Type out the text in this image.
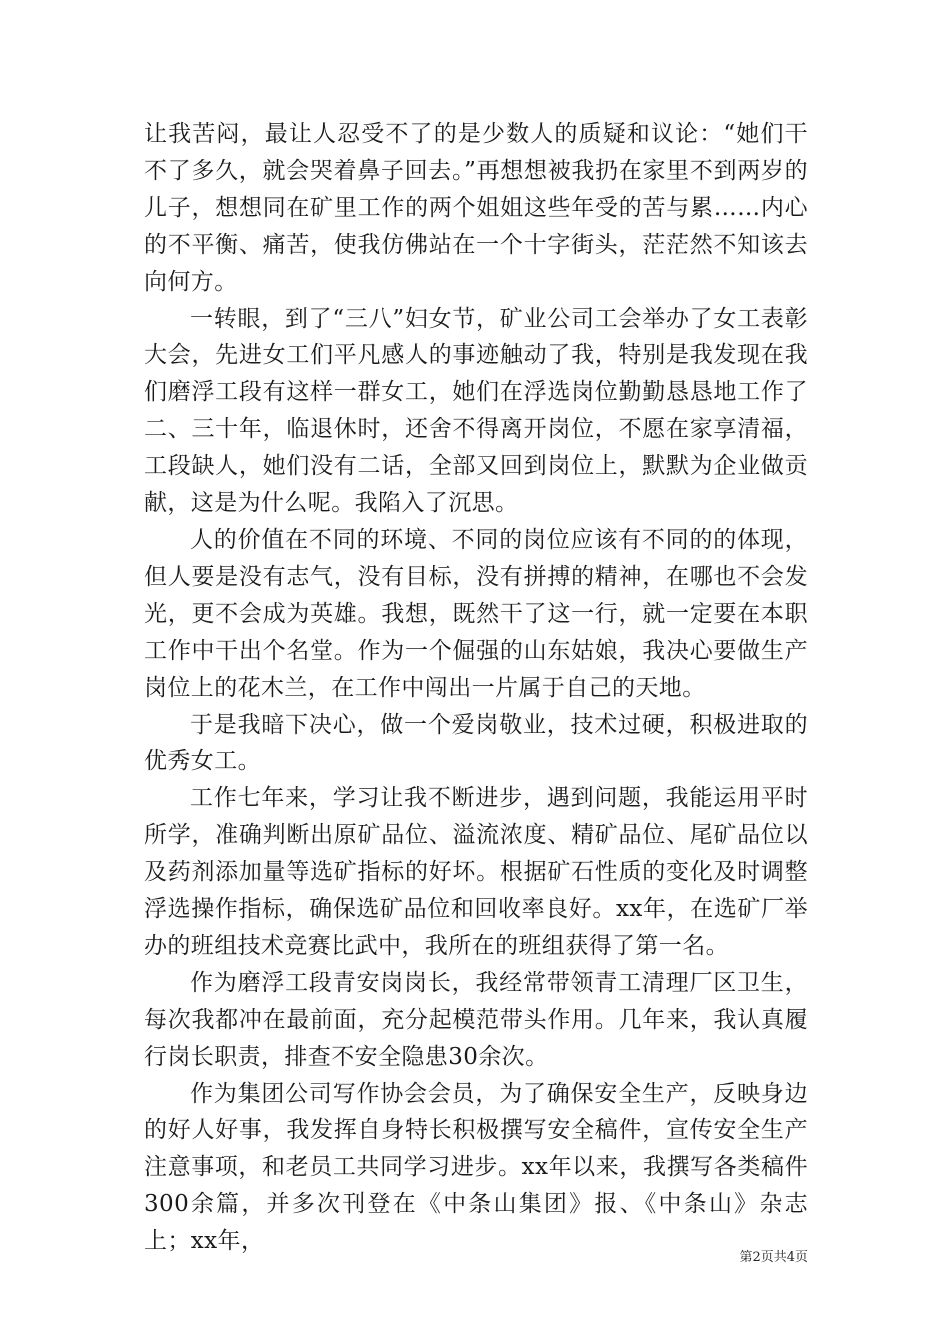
让我苦闷，最让人忍受不了的是少数人的质疑和议论：“她们干不了多久，就会哭着鼻子回去。”再想想被我扔在家里不到两岁的儿子，想想同在矿里工作的两个姐姐这些年受的苦与累……内心的不平衡、痛苦，使我仿佛站在一个十字街头，茫茫然不知该去向何方。

一转眼，到了“三八”妇女节，矿业公司工会举办了女工表彰大会，先进女工们平凡感人的事迹触动了我，特别是我发现在我们磨浮工段有这样一群女工，她们在浮选岗位勤勤恳恳地工作了二、三十年，临退休时，还舍不得离开岗位，不愿在家享清福，工段缺人，她们没有二话，全部又回到岗位上，默默为企业做贡献，这是为什么呢。我陷入了沉思。

人的价值在不同的环境、不同的岗位应该有不同的的体现，但人要是没有志气，没有目标，没有拼搏的精神，在哪也不会发光，更不会成为英雄。我想，既然干了这一行，就一定要在本职工作中干出个名堂。作为一个倔强的山东姑娘，我决心要做生产岗位上的花木兰，在工作中闯出一片属于自己的天地。

于是我暗下决心，做一个爱岗敬业，技术过硬，积极进取的优秀女工。

工作七年来，学习让我不断进步，遇到问题，我能运用平时所学，准确判断出原矿品位、溢流浓度、精矿品位、尾矿品位以及药剂添加量等选矿指标的好坏。根据矿石性质的变化及时调整浮选操作指标，确保选矿品位和回收率良好。xx年，在选矿厂举办的班组技术竞赛比武中，我所在的班组获得了第一名。

作为磨浮工段青安岗岗长，我经常带领青工清理厂区卫生，每次我都冲在最前面，充分起模范带头作用。几年来，我认真履行岗长职责，排查不安全隐患30余次。

作为集团公司写作协会会员，为了确保安全生产，反映身边的好人好事，我发挥自身特长积极撰写安全稿件，宣传安全生产注意事项，和老员工共同学习进步。xx年以来，我撰写各类稿件300余篇，并多次刊登在《中条山集团》报、《中条山》杂志上；xx年，

第2页共4页
